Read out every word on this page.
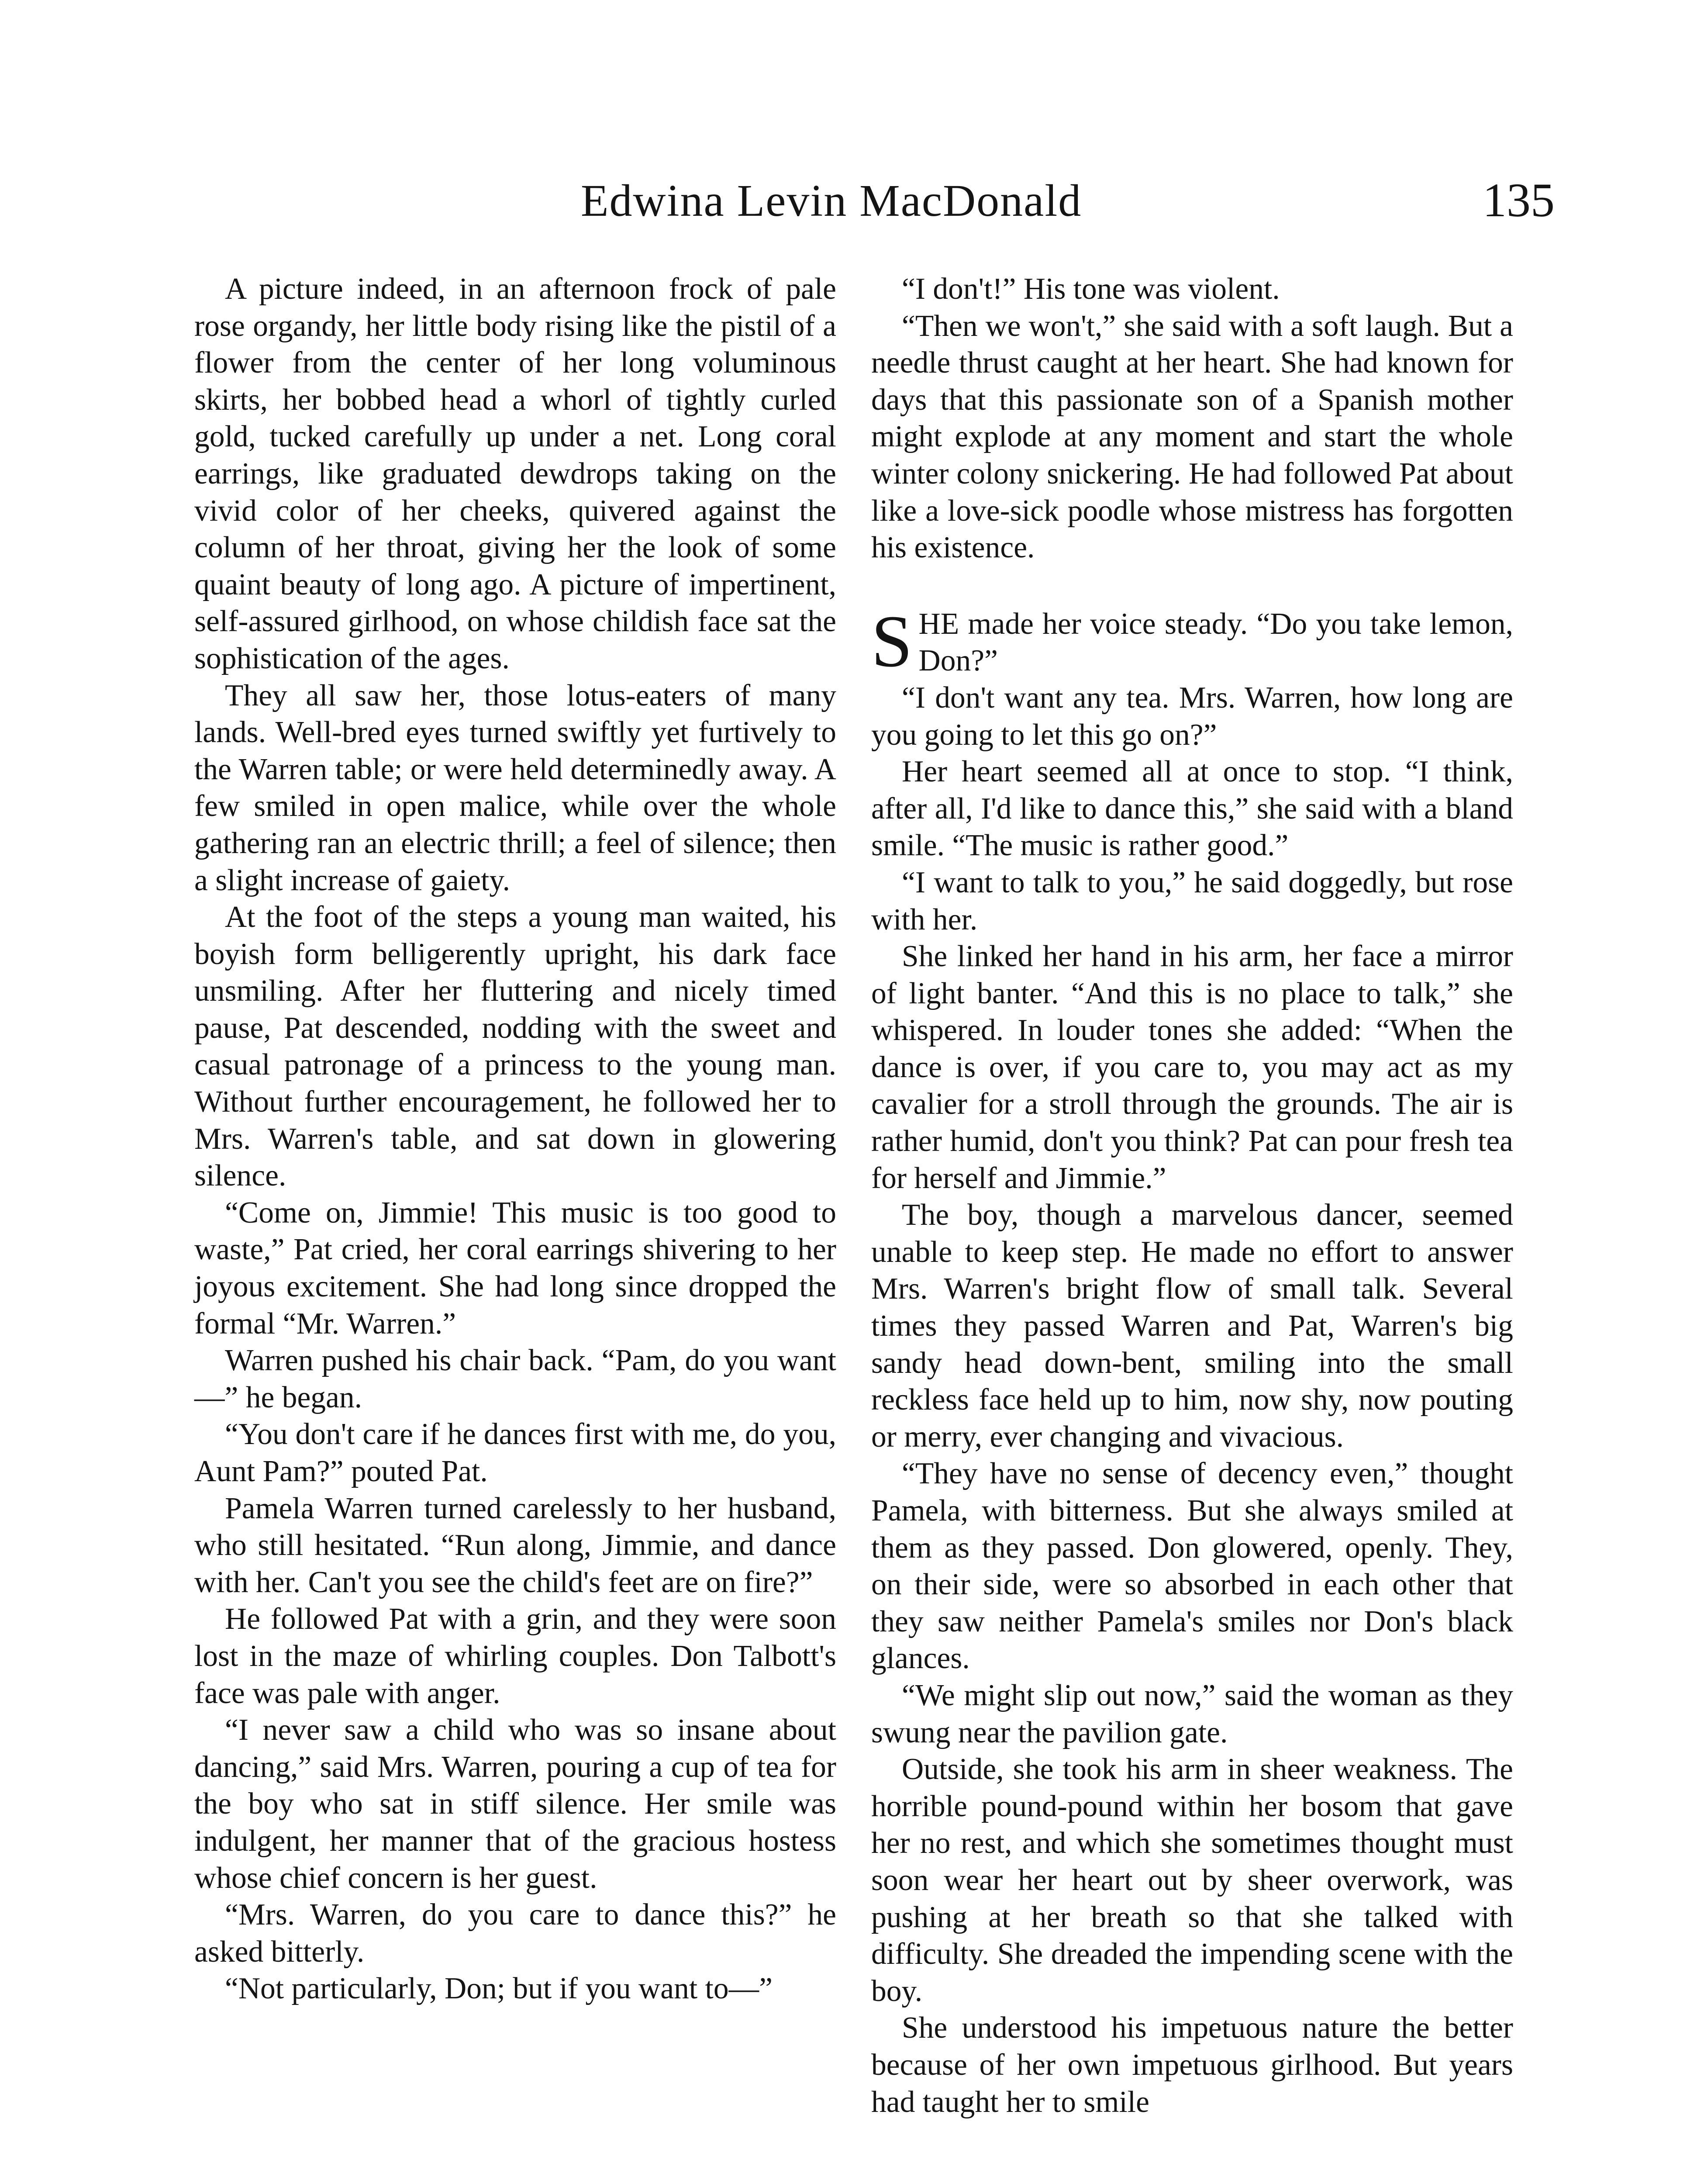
Edwina Levin MacDonald	135

A picture indeed, in an afternoon frock of pale rose organdy, her little body rising like the pistil of a flower from the center of her long voluminous skirts, her bobbed head a whorl of tightly curled gold, tucked carefully up under a net. Long coral earrings, like graduated dewdrops taking on the vivid color of her cheeks, quivered against the column of her throat, giving her the look of some quaint beauty of long ago. A picture of impertinent, self-assured girlhood, on whose childish face sat the sophistication of the ages.

They all saw her, those lotus-eaters of many lands. Well-bred eyes turned swiftly yet furtively to the Warren table; or were held determinedly away. A few smiled in open malice, while over the whole gathering ran an electric thrill; a feel of silence; then a slight increase of gaiety.

At the foot of the steps a young man waited, his boyish form belligerently upright, his dark face unsmiling. After her fluttering and nicely timed pause, Pat descended, nodding with the sweet and casual patronage of a princess to the young man. Without further encouragement, he followed her to Mrs. Warren's table, and sat down in glowering silence.

“Come on, Jimmie! This music is too good to waste,” Pat cried, her coral earrings shivering to her joyous excitement. She had long since dropped the formal “Mr. Warren.”

Warren pushed his chair back. “Pam, do you want—” he began.

“You don't care if he dances first with me, do you, Aunt Pam?” pouted Pat.

Pamela Warren turned carelessly to her husband, who still hesitated. “Run along, Jimmie, and dance with her. Can't you see the child's feet are on fire?”

He followed Pat with a grin, and they were soon lost in the maze of whirling couples. Don Talbott's face was pale with anger.

“I never saw a child who was so insane about dancing,” said Mrs. Warren, pouring a cup of tea for the boy who sat in stiff silence. Her smile was indulgent, her manner that of the gracious hostess whose chief concern is her guest.

“Mrs. Warren, do you care to dance this?” he asked bitterly.

“Not particularly, Don; but if you want to—”

“I don't!” His tone was violent.

“Then we won't,” she said with a soft laugh. But a needle thrust caught at her heart. She had known for days that this passionate son of a Spanish mother might explode at any moment and start the whole winter colony snickering. He had followed Pat about like a love-sick poodle whose mistress has forgotten his existence.

S HE made her voice steady. “Do you take lemon, Don?”

“I don't want any tea. Mrs. Warren, how long are you going to let this go on?”

Her heart seemed all at once to stop. “I think, after all, I'd like to dance this,” she said with a bland smile. “The music is rather good.”

“I want to talk to you,” he said doggedly, but rose with her.

She linked her hand in his arm, her face a mirror of light banter. “And this is no place to talk,” she whispered. In louder tones she added: “When the dance is over, if you care to, you may act as my cavalier for a stroll through the grounds. The air is rather humid, don't you think? Pat can pour fresh tea for herself and Jimmie.”

The boy, though a marvelous dancer, seemed unable to keep step. He made no effort to answer Mrs. Warren's bright flow of small talk. Several times they passed Warren and Pat, Warren's big sandy head down-bent, smiling into the small reckless face held up to him, now shy, now pouting or merry, ever changing and vivacious.

“They have no sense of decency even,” thought Pamela, with bitterness. But she always smiled at them as they passed. Don glowered, openly. They, on their side, were so absorbed in each other that they saw neither Pamela's smiles nor Don's black glances.

“We might slip out now,” said the woman as they swung near the pavilion gate.

Outside, she took his arm in sheer weakness. The horrible pound-pound within her bosom that gave her no rest, and which she sometimes thought must soon wear her heart out by sheer overwork, was pushing at her breath so that she talked with difficulty. She dreaded the impending scene with the boy.

She understood his impetuous nature the better because of her own impetuous girlhood. But years had taught her to smile
